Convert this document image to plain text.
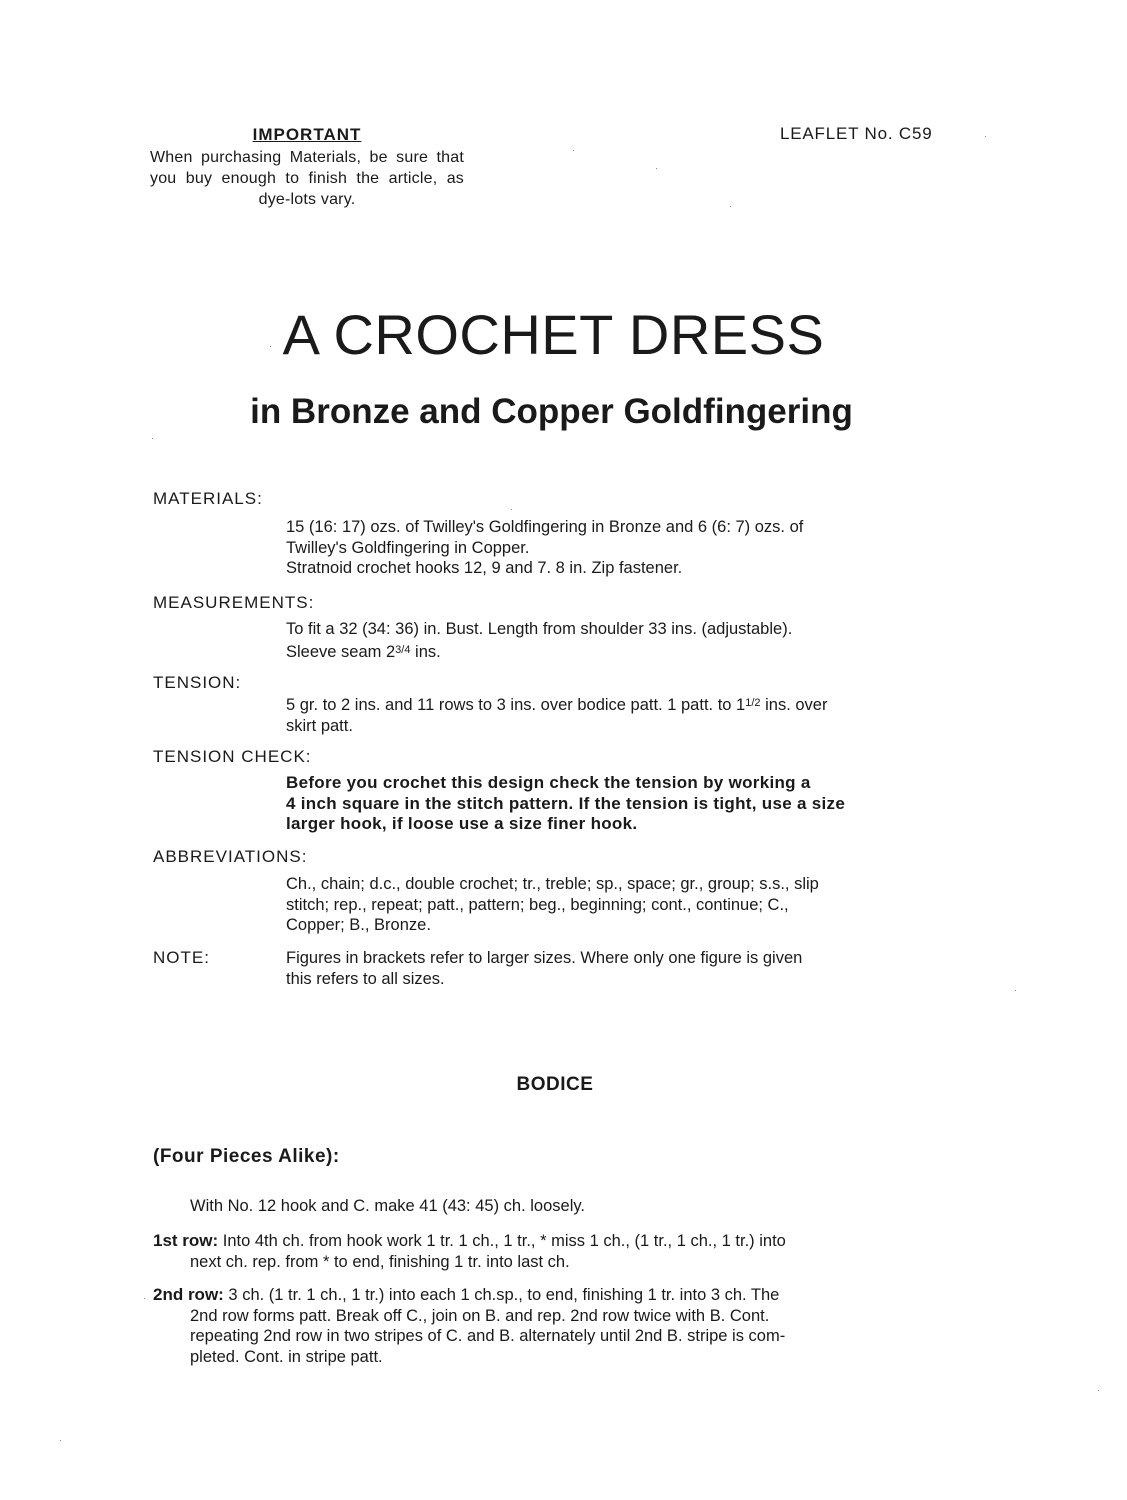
IMPORTANT
When purchasing Materials, be sure that you buy enough to finish the article, as dye-lots vary.
LEAFLET No. C59
A CROCHET DRESS
in Bronze and Copper Goldfingering
MATERIALS:
15 (16: 17) ozs. of Twilley's Goldfingering in Bronze and 6 (6: 7) ozs. of
Twilley's Goldfingering in Copper.
Stratnoid crochet hooks 12, 9 and 7. 8 in. Zip fastener.
MEASUREMENTS:
To fit a 32 (34: 36) in. Bust. Length from shoulder 33 ins. (adjustable).
Sleeve seam $2^{3/4}$ ins.
TENSION:
5 gr. to 2 ins. and 11 rows to 3 ins. over bodice patt. 1 patt. to $1^{1/2}$ ins. over
skirt patt.
TENSION CHECK:
Before you crochet this design check the tension by working a
4 inch square in the stitch pattern. If the tension is tight, use a size
larger hook, if loose use a size finer hook.
ABBREVIATIONS:
Ch., chain; d.c., double crochet; tr., treble; sp., space; gr., group; s.s., slip
stitch; rep., repeat; patt., pattern; beg., beginning; cont., continue; C.,
Copper; B., Bronze.
NOTE:	Figures in brackets refer to larger sizes. Where only one figure is given
this refers to all sizes.
BODICE
(Four Pieces Alike):
With No. 12 hook and C. make 41 (43: 45) ch. loosely.
1st row: Into 4th ch. from hook work 1 tr. 1 ch., 1 tr., * miss 1 ch., (1 tr., 1 ch., 1 tr.) into
next ch. rep. from * to end, finishing 1 tr. into last ch.
2nd row: 3 ch. (1 tr. 1 ch., 1 tr.) into each 1 ch.sp., to end, finishing 1 tr. into 3 ch. The
2nd row forms patt. Break off C., join on B. and rep. 2nd row twice with B. Cont.
repeating 2nd row in two stripes of C. and B. alternately until 2nd B. stripe is com-
pleted. Cont. in stripe patt.
